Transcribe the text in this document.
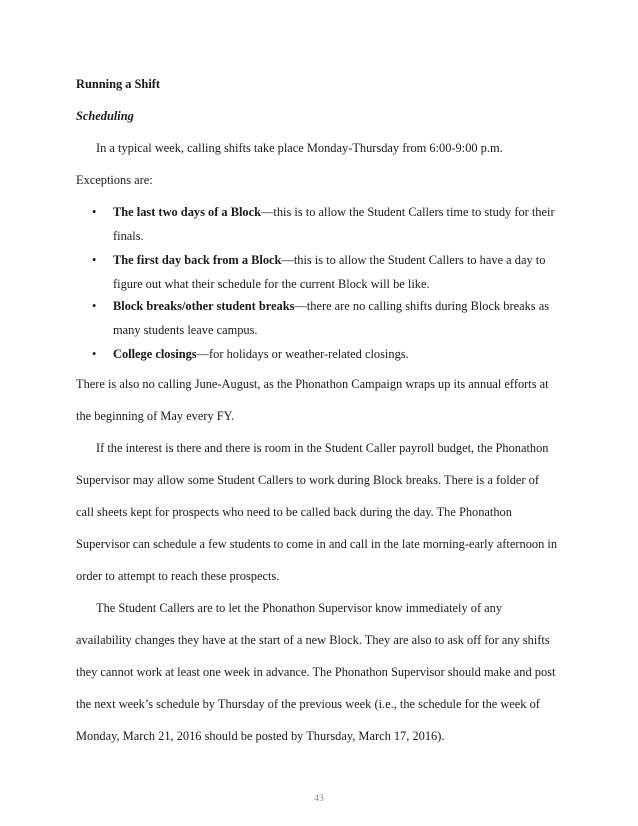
Running a Shift
Scheduling
In a typical week, calling shifts take place Monday-Thursday from 6:00-9:00 p.m.
Exceptions are:
• The last two days of a Block—this is to allow the Student Callers time to study for their
finals.
• The first day back from a Block—this is to allow the Student Callers to have a day to
figure out what their schedule for the current Block will be like.
• Block breaks/other student breaks—there are no calling shifts during Block breaks as
many students leave campus.
• College closings—for holidays or weather-related closings.
There is also no calling June-August, as the Phonathon Campaign wraps up its annual efforts at
the beginning of May every FY.
If the interest is there and there is room in the Student Caller payroll budget, the Phonathon
Supervisor may allow some Student Callers to work during Block breaks. There is a folder of
call sheets kept for prospects who need to be called back during the day. The Phonathon
Supervisor can schedule a few students to come in and call in the late morning-early afternoon in
order to attempt to reach these prospects.
The Student Callers are to let the Phonathon Supervisor know immediately of any
availability changes they have at the start of a new Block. They are also to ask off for any shifts
they cannot work at least one week in advance. The Phonathon Supervisor should make and post
the next week’s schedule by Thursday of the previous week (i.e., the schedule for the week of
Monday, March 21, 2016 should be posted by Thursday, March 17, 2016).
43
